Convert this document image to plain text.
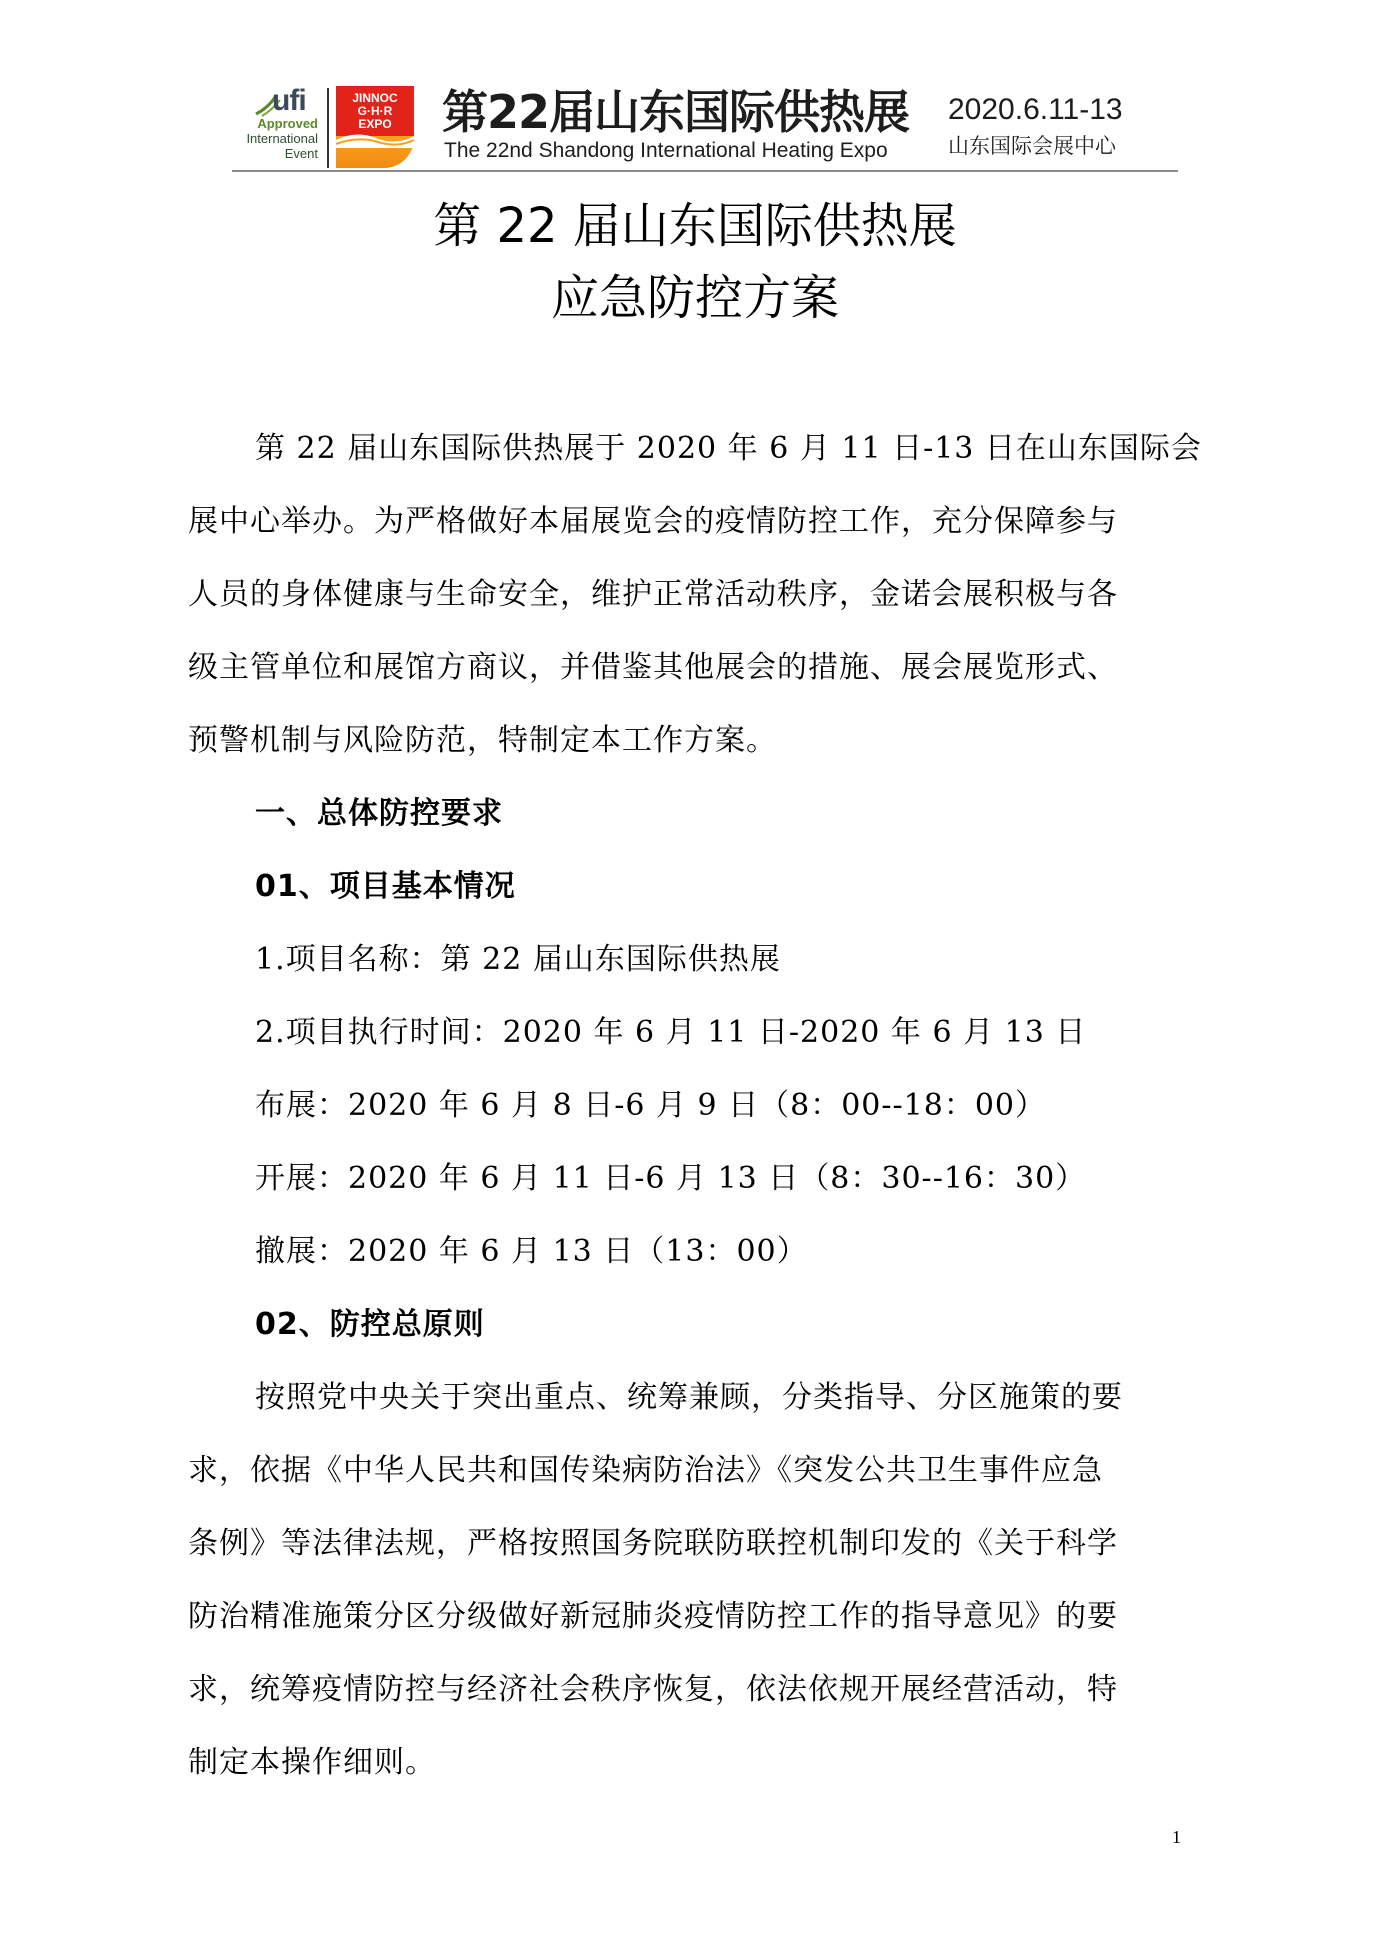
ufi
Approved
International
Event
JINNOC
G·H·R
EXPO	第22届山东国际供热展
The 22nd Shandong International Heating Expo
2020.6.11-13
山东国际会展中心
第 22 届山东国际供热展
应急防控方案
第 22 届山东国际供热展于 2020 年 6 月 11 日-13 日在山东国际会
展中心举办。为严格做好本届展览会的疫情防控工作，充分保障参与
人员的身体健康与生命安全，维护正常活动秩序，金诺会展积极与各
级主管单位和展馆方商议，并借鉴其他展会的措施、展会展览形式、
预警机制与风险防范，特制定本工作方案。
一、总体防控要求
01、项目基本情况
1.项目名称：第 22 届山东国际供热展
2.项目执行时间：2020 年 6 月 11 日-2020 年 6 月 13 日
布展：2020 年 6 月 8 日-6 月 9 日（8：00--18：00）
开展：2020 年 6 月 11 日-6 月 13 日（8：30--16：30）
撤展：2020 年 6 月 13 日（13：00）
02、防控总原则
按照党中央关于突出重点、统筹兼顾，分类指导、分区施策的要
求，依据《中华人民共和国传染病防治法》《突发公共卫生事件应急
条例》等法律法规，严格按照国务院联防联控机制印发的《关于科学
防治精准施策分区分级做好新冠肺炎疫情防控工作的指导意见》的要
求，统筹疫情防控与经济社会秩序恢复，依法依规开展经营活动，特
制定本操作细则。
1
